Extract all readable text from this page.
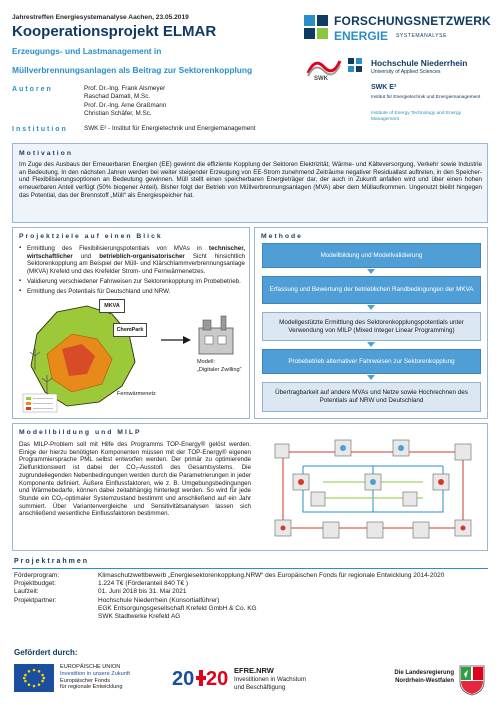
Jahrestreffen Energiesystemanalyse Aachen, 23.05.2019
Kooperationsprojekt ELMAR
Erzeugungs- und Lastmanagement in
Müllverbrennungsanlagen als Beitrag zur Sektorenkopplung
FORSCHUNGSNETZWERK
ENERGIE SYSTEMANALYSE
SWK
Hochschule Niederrhein
University of Applied Sciences
SWK E²
Institut für Energietechnik und Energiemanagement
Institute of Energy Technology and Energy Management
Autoren	Prof. Dr.-Ing. Frank Alsmeyer
Raschad Damati, M.Sc.
Prof. Dr.-Ing. Arne Graßmann
Christian Schäfer, M.Sc.
Institution	SWK E² - Institut für Energietechnik und Energiemanagement
Motivation
Im Zuge des Ausbaus der Erneuerbaren Energien (EE) gewinnt die effiziente Kopplung der Sektoren Elektrizität, Wärme- und Kälteversorgung, Verkehr sowie Industrie an Bedeutung. In den nächsten Jahren werden bei weiter steigender Erzeugung von EE-Strom zunehmend Zeiträume negativer Residuallast auftreten, in den Speicher- und Flexibilisierungsoptionen an Bedeutung gewinnen. Müll stellt einen speicherbaren Energieträger dar, der auch in Zukunft anfallen wird und über einen hohen erneuerbaren Anteil verfügt (50% biogener Anteil). Bisher folgt der Betrieb von Müllverbrennungsanlagen (MVA) aber dem Müllaufkommen. Ungenutzt bleibt hingegen das Potential, das der Brennstoff „Müll“ als Energiespeicher hat.
Projektziele auf einen Blick
▪ Ermittlung des Flexibilisierungspotentials von MVAs in technischer, wirtschaftlicher und betrieblich-organisatorischer Sicht hinsichtlich Sektorenkopplung am Beispiel der Müll- und Klärschlammverbrennungsanlage (MKVA) Krefeld und des Krefelder Strom- und Fernwärmenetzes.
▪ Validierung verschiedener Fahrweisen zur Sektorenkopplung im Probebetrieb.
▪ Ermittlung des Potentials für Deutschland und NRW.
MKVA
ChemPark
Fernwärmenetz
Modell:
„Digitaler Zwilling“
Methode
Modellbildung und Modellvalidierung
Erfassung und Bewertung der betrieblichen Randbedingungen der MKVA
Modellgestützte Ermittlung des Sektorenkopplungspotentials unter Verwendung von MILP (Mixed Integer Linear Programming)
Probebetrieb alternativer Fahrweisen zur Sektorenkopplung
Übertragbarkeit auf andere MVAs und Netze sowie Hochrechnen des Potentials auf NRW und Deutschland
Modellbildung und MILP
Das MILP-Problem soll mit Hilfe des Programms TOP-Energy® gelöst werden. Einige der hierzu benötigten Komponenten müssen mit der TOP-Energy® eigenen Programmiersprache PML selbst entworfen werden. Der primär zu optimierende Zielfunktionswert ist dabei der CO₂-Ausstoß des Gesamtsystems. Die zugrundeliegenden Nebenbedingungen werden durch die Parametrierungen in jeder Komponente definiert. Äußere Einflussfaktoren, wie z. B. Umgebungsbedingungen und Wärmebedarfe, können dabei zeitabhängig hinterlegt werden. So wird für jede Stunde ein CO₂-optimaler Systemzustand bestimmt und anschließend auf ein Jahr summiert. Über Variantenvergleiche und Sensitivitätsanalysen lassen sich anschließend wesentliche Einflussfaktoren bestimmen.
Projektrahmen
Förderprogram:	Klimaschutzwettbewerb „Energiesektorenkopplung.NRW“ des Europäischen Fonds für regionale Entwicklung 2014-2020
Projektbudget:	1.224 T€ (Förderanteil 840 T€ )
Laufzeit:	01. Juni 2018 bis 31. Mai 2021
Projektpartner:	Hochschule Niederrhein (Konsortialführer)
EGK Entsorgungsgesellschaft Krefeld GmbH & Co. KG
SWK Stadtwerke Krefeld AG
Gefördert durch:
EUROPÄISCHE UNION
Investition in unsere Zukunft
Europäischer Fonds
für regionale Entwicklung	20 20 EFRE.NRW
Investitionen in Wachstum
und Beschäftigung
Die Landesregierung
Nordrhein-Westfalen
